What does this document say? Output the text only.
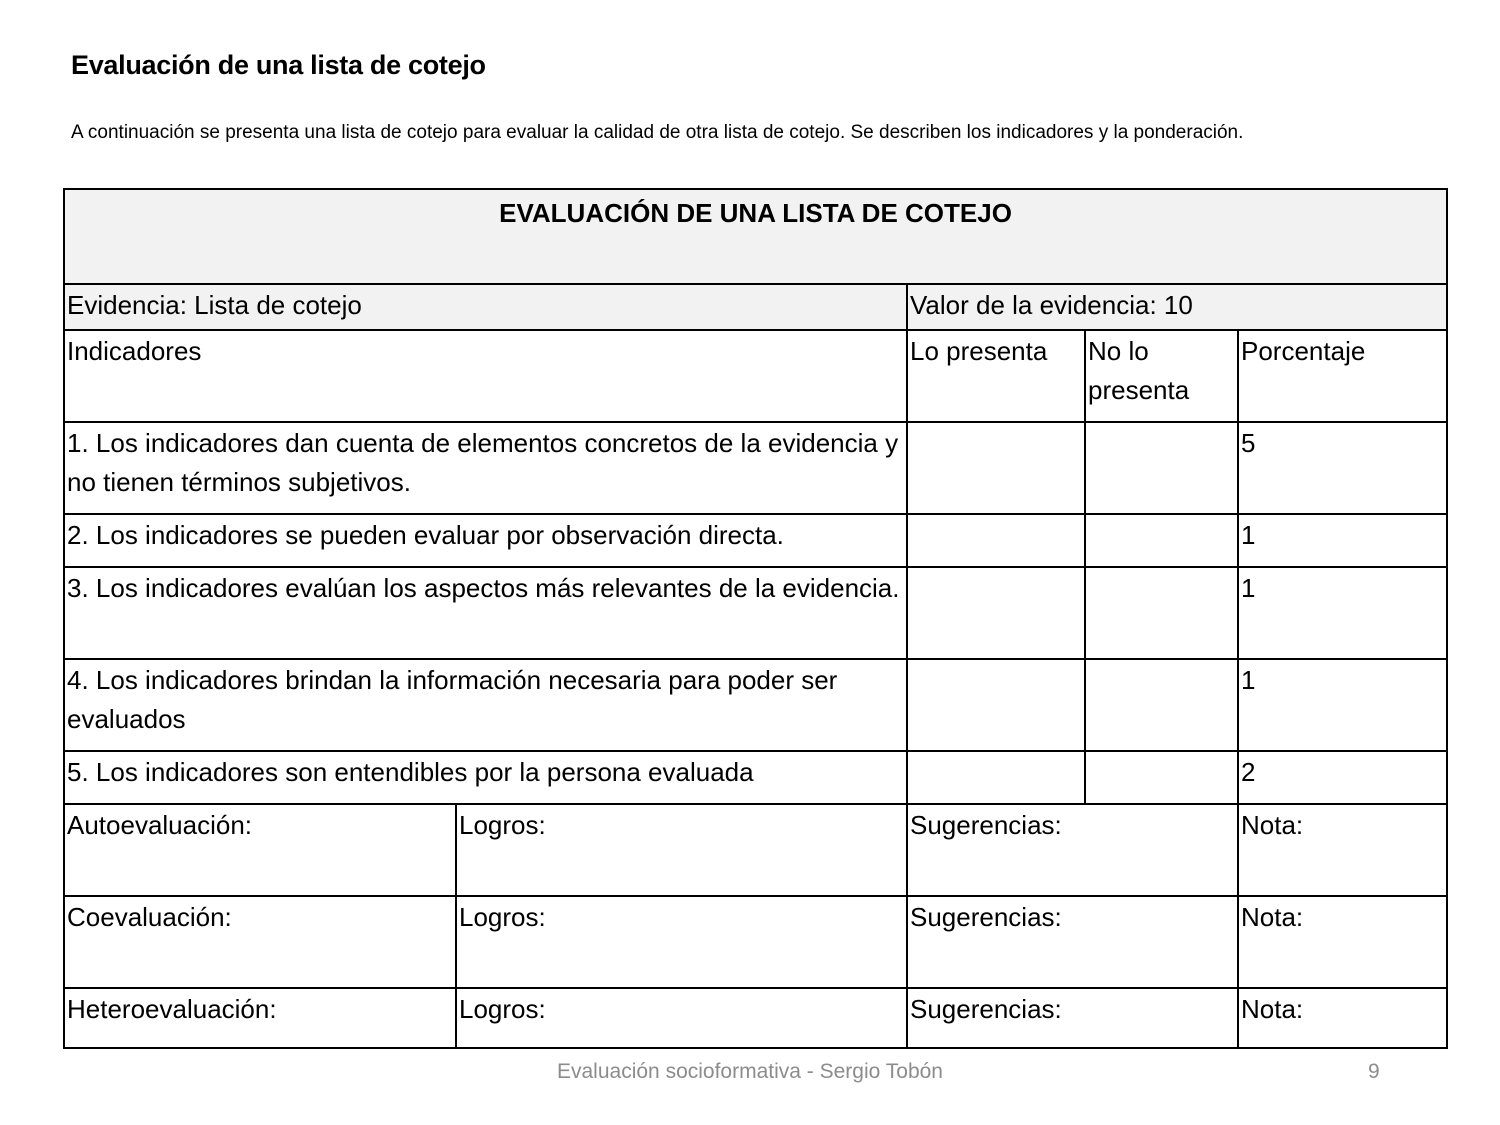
Evaluación de una lista de cotejo
A continuación se presenta una lista de cotejo para evaluar la calidad de otra lista de cotejo. Se describen los indicadores y la ponderación.
EVALUACIÓN DE UNA LISTA DE COTEJO				
Evidencia: Lista de cotejo		Valor de la evidencia: 10		
Indicadores		Lo presenta	No lo presenta	Porcentaje
1. Los indicadores dan cuenta de elementos concretos de la evidencia y no tienen términos subjetivos.				5
2. Los indicadores se pueden evaluar por observación directa.				1
3. Los indicadores evalúan los aspectos más relevantes de la evidencia.				1
4. Los indicadores brindan la información necesaria para poder ser evaluados				1
5. Los indicadores son entendibles por la persona evaluada				2
Autoevaluación:	Logros:	Sugerencias:		Nota:
Coevaluación:	Logros:	Sugerencias:		Nota:
Heteroevaluación:	Logros:	Sugerencias:		Nota:
Evaluación socioformativa - Sergio Tobón	9
